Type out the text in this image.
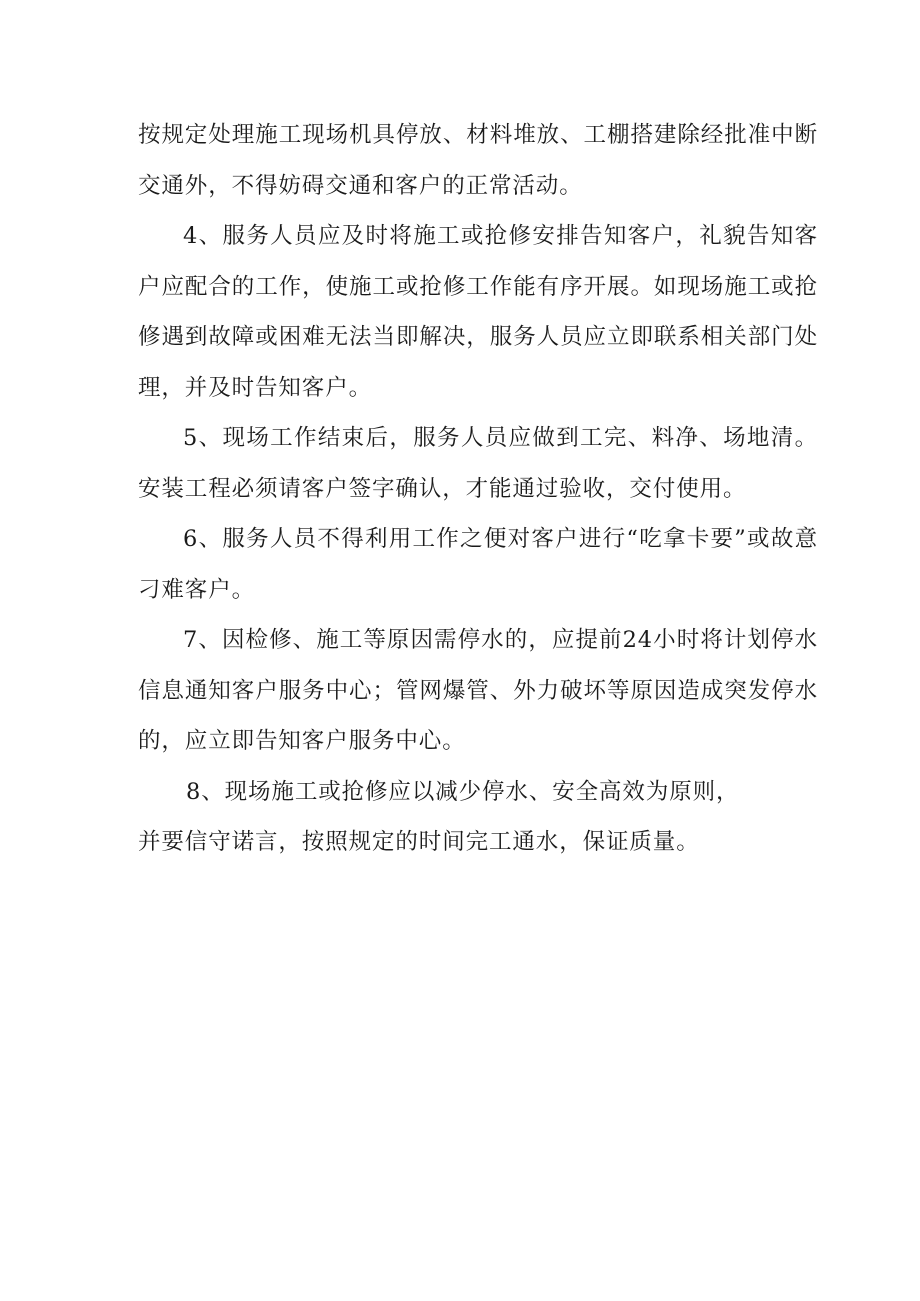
按规定处理施工现场机具停放、材料堆放、工棚搭建除经批准中断交通外，不得妨碍交通和客户的正常活动。

4、服务人员应及时将施工或抢修安排告知客户，礼貌告知客户应配合的工作，使施工或抢修工作能有序开展。如现场施工或抢修遇到故障或困难无法当即解决，服务人员应立即联系相关部门处理，并及时告知客户。

5、现场工作结束后，服务人员应做到工完、料净、场地清。安装工程必须请客户签字确认，才能通过验收，交付使用。

6、服务人员不得利用工作之便对客户进行“吃拿卡要”或故意刁难客户。

7、因检修、施工等原因需停水的，应提前24小时将计划停水信息通知客户服务中心；管网爆管、外力破坏等原因造成突发停水的，应立即告知客户服务中心。

8、现场施工或抢修应以减少停水、安全高效为原则，
并要信守诺言，按照规定的时间完工通水，保证质量。
